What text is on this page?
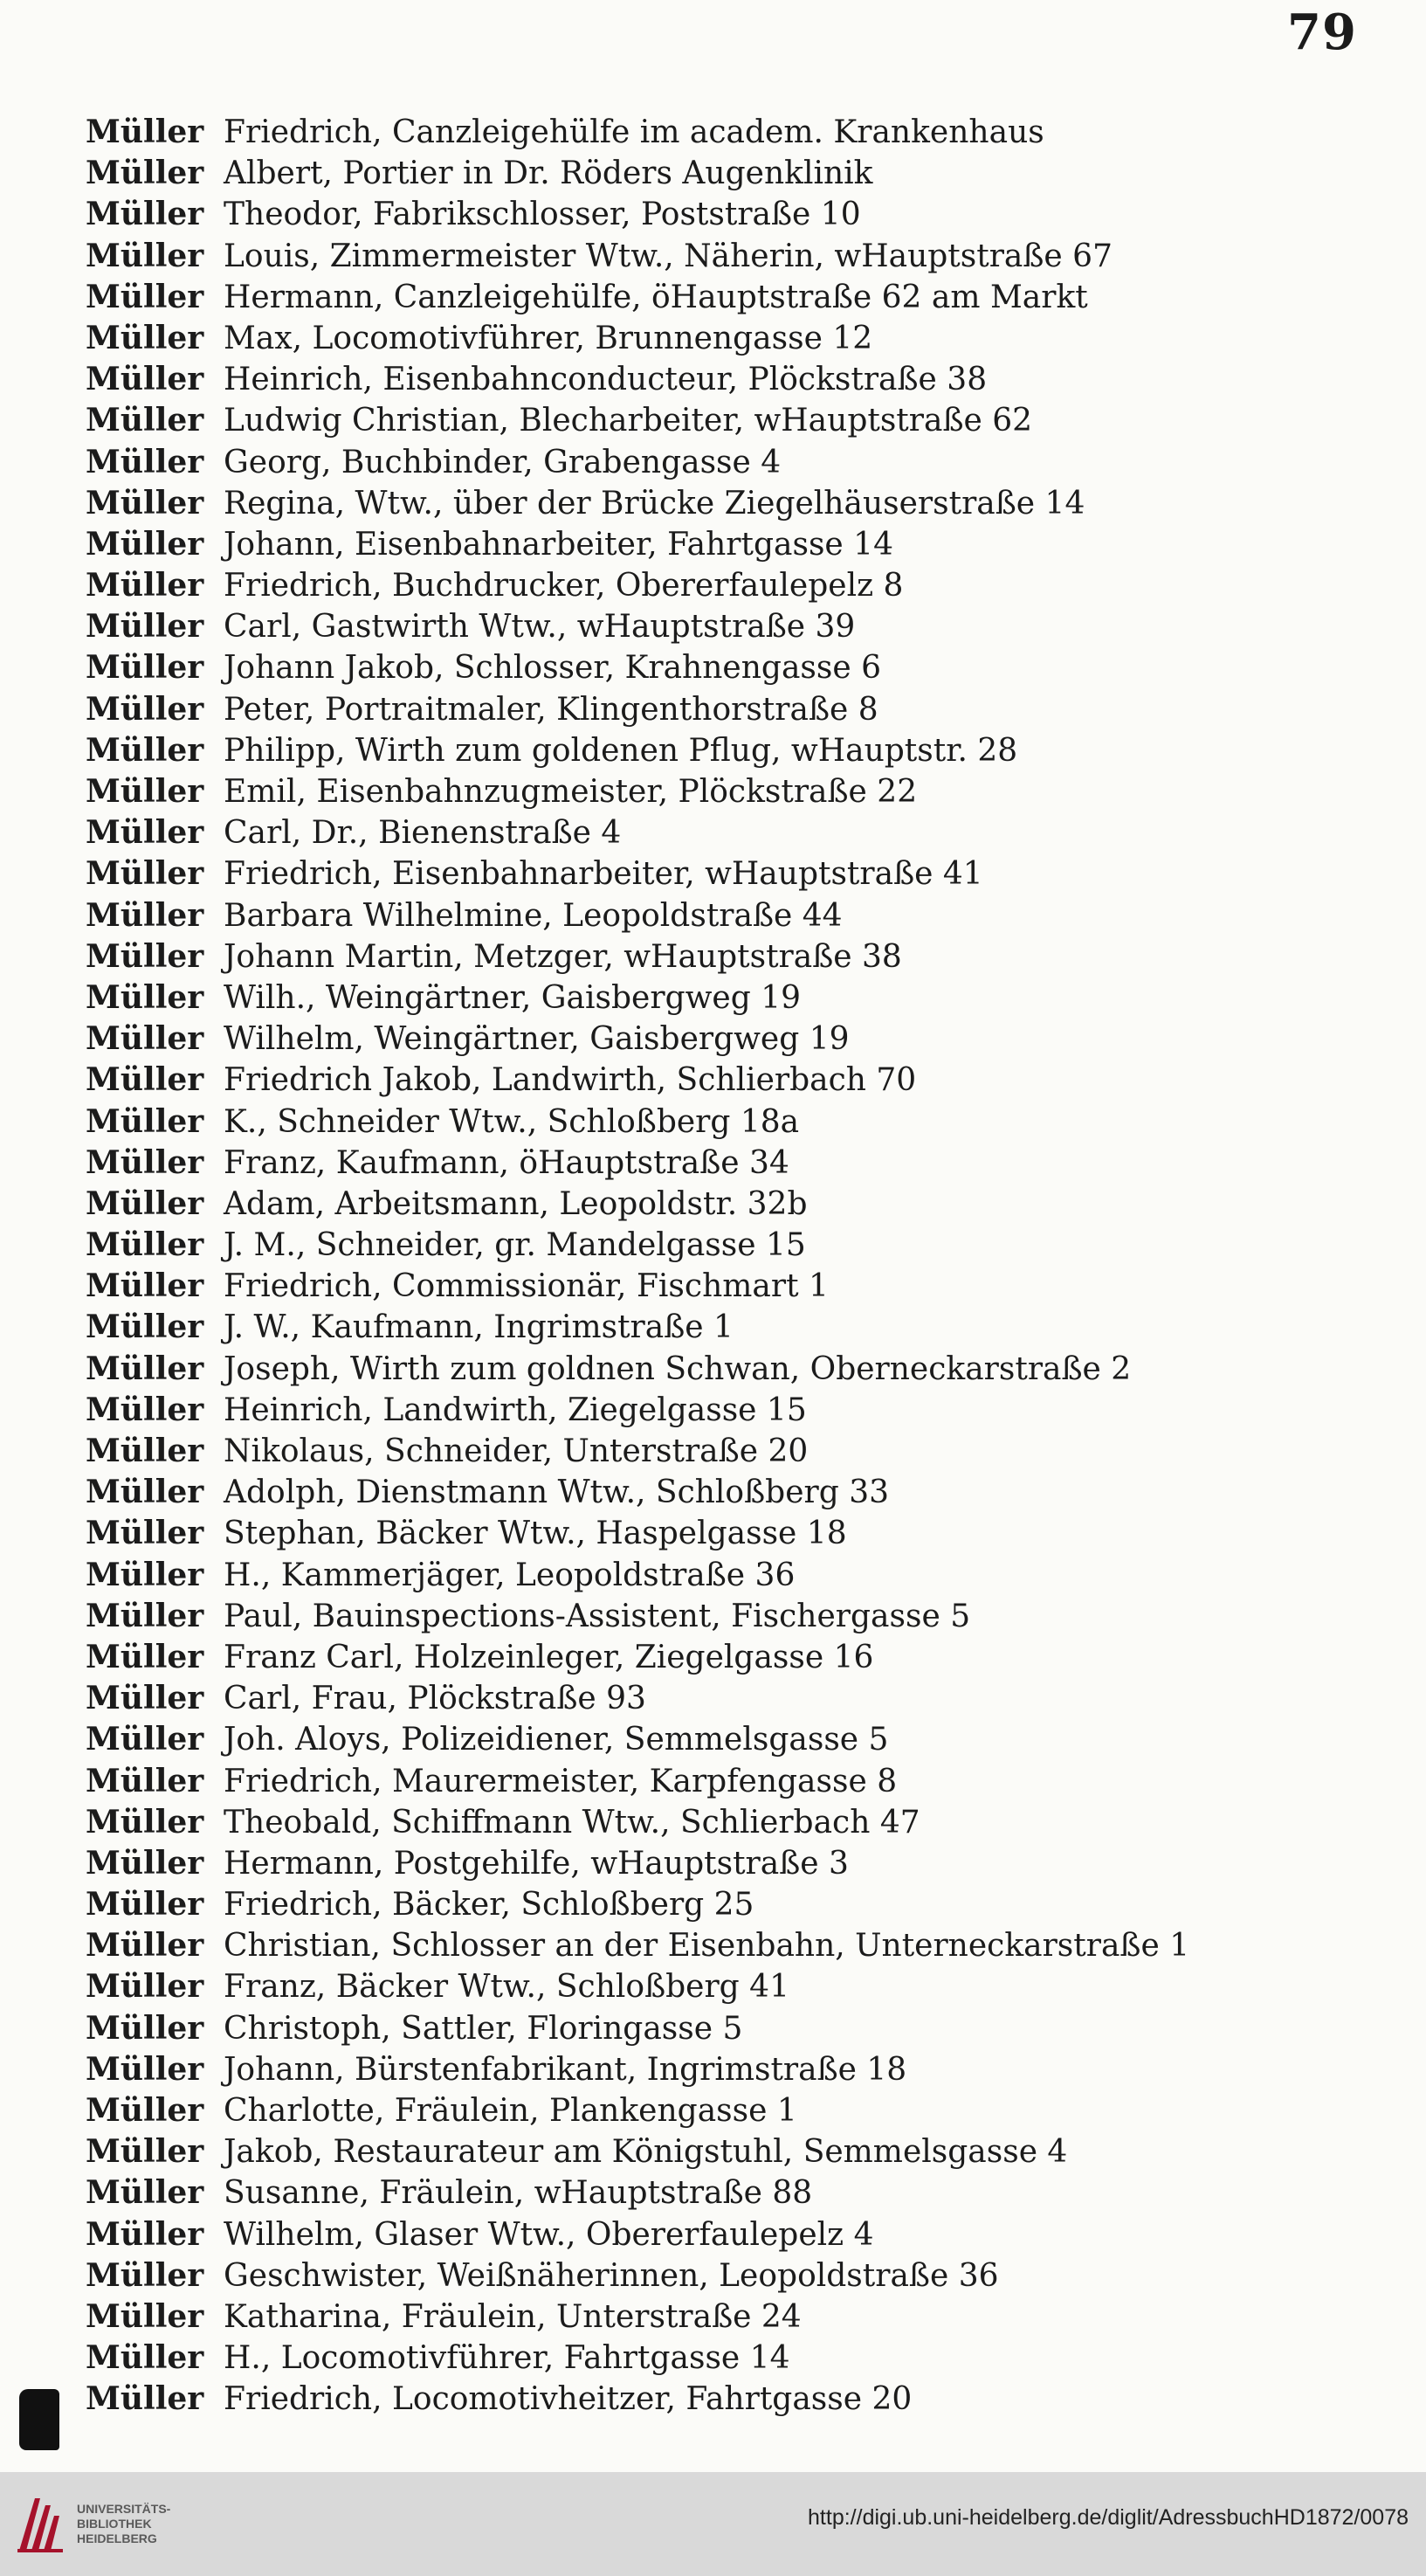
79
Müller Friedrich, Canzleigehülfe im academ. Krankenhaus
Müller Albert, Portier in Dr. Röders Augenklinik
Müller Theodor, Fabrikschlosser, Poststraße 10
Müller Louis, Zimmermeister Wtw., Näherin, wHauptstraße 67
Müller Hermann, Canzleigehülfe, öHauptstraße 62 am Markt
Müller Max, Locomotivführer, Brunnengasse 12
Müller Heinrich, Eisenbahnconducteur, Plöckstraße 38
Müller Ludwig Christian, Blecharbeiter, wHauptstraße 62
Müller Georg, Buchbinder, Grabengasse 4
Müller Regina, Wtw., über der Brücke Ziegelhäuserstraße 14
Müller Johann, Eisenbahnarbeiter, Fahrtgasse 14
Müller Friedrich, Buchdrucker, Obererfaulepelz 8
Müller Carl, Gastwirth Wtw., wHauptstraße 39
Müller Johann Jakob, Schlosser, Krahnengasse 6
Müller Peter, Portraitmaler, Klingenthorstraße 8
Müller Philipp, Wirth zum goldenen Pflug, wHauptstr. 28
Müller Emil, Eisenbahnzugmeister, Plöckstraße 22
Müller Carl, Dr., Bienenstraße 4
Müller Friedrich, Eisenbahnarbeiter, wHauptstraße 41
Müller Barbara Wilhelmine, Leopoldstraße 44
Müller Johann Martin, Metzger, wHauptstraße 38
Müller Wilh., Weingärtner, Gaisbergweg 19
Müller Wilhelm, Weingärtner, Gaisbergweg 19
Müller Friedrich Jakob, Landwirth, Schlierbach 70
Müller K., Schneider Wtw., Schloßberg 18a
Müller Franz, Kaufmann, öHauptstraße 34
Müller Adam, Arbeitsmann, Leopoldstr. 32b
Müller J. M., Schneider, gr. Mandelgasse 15
Müller Friedrich, Commissionär, Fischmart 1
Müller J. W., Kaufmann, Ingrimstraße 1
Müller Joseph, Wirth zum goldnen Schwan, Oberneckarstraße 2
Müller Heinrich, Landwirth, Ziegelgasse 15
Müller Nikolaus, Schneider, Unterstraße 20
Müller Adolph, Dienstmann Wtw., Schloßberg 33
Müller Stephan, Bäcker Wtw., Haspelgasse 18
Müller H., Kammerjäger, Leopoldstraße 36
Müller Paul, Bauinspections-Assistent, Fischergasse 5
Müller Franz Carl, Holzeinleger, Ziegelgasse 16
Müller Carl, Frau, Plöckstraße 93
Müller Joh. Aloys, Polizeidiener, Semmelsgasse 5
Müller Friedrich, Maurermeister, Karpfengasse 8
Müller Theobald, Schiffmann Wtw., Schlierbach 47
Müller Hermann, Postgehilfe, wHauptstraße 3
Müller Friedrich, Bäcker, Schloßberg 25
Müller Christian, Schlosser an der Eisenbahn, Unterneckarstraße 1
Müller Franz, Bäcker Wtw., Schloßberg 41
Müller Christoph, Sattler, Floringasse 5
Müller Johann, Bürstenfabrikant, Ingrimstraße 18
Müller Charlotte, Fräulein, Plankengasse 1
Müller Jakob, Restaurateur am Königstuhl, Semmelsgasse 4
Müller Susanne, Fräulein, wHauptstraße 88
Müller Wilhelm, Glaser Wtw., Obererfaulepelz 4
Müller Geschwister, Weißnäherinnen, Leopoldstraße 36
Müller Katharina, Fräulein, Unterstraße 24
Müller H., Locomotivführer, Fahrtgasse 14
Müller Friedrich, Locomotivheitzer, Fahrtgasse 20
UNIVERSITÄTS-
BIBLIOTHEK
HEIDELBERG
http://digi.ub.uni-heidelberg.de/diglit/AdressbuchHD1872/0078
